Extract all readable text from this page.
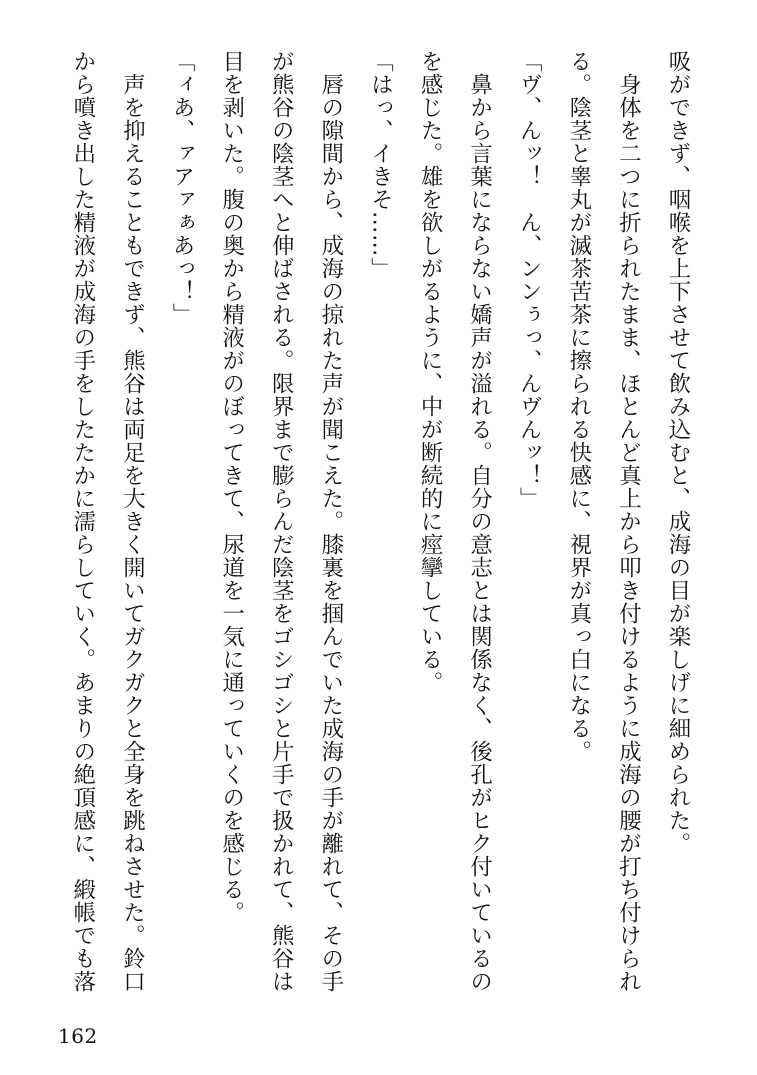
吸ができず、咽喉を上下させて飲み込むと、成海の目が楽しげに細められた。

　身体を二つに折られたまま、ほとんど真上から叩き付けるように成海の腰が打ち付けられ

る。陰茎と睾丸が滅茶苦茶に擦られる快感に、視界が真っ白になる。

「ヴ、んッ！　ん、ンンぅっ、んヴんッ！」

　鼻から言葉にならない嬌声が溢れる。自分の意志とは関係なく、後孔がヒク付いているの

を感じた。雄を欲しがるように、中が断続的に痙攣している。

「はっ、イきそ……」

　唇の隙間から、成海の掠れた声が聞こえた。膝裏を掴んでいた成海の手が離れて、その手

が熊谷の陰茎へと伸ばされる。限界まで膨らんだ陰茎をゴシゴシと片手で扱かれて、熊谷は

目を剥いた。腹の奥から精液がのぼってきて、尿道を一気に通っていくのを感じる。

「ィあ、ァアァぁあっ！」

　声を抑えることもできず、熊谷は両足を大きく開いてガクガクと全身を跳ねさせた。鈴口

から噴き出した精液が成海の手をしたたかに濡らしていく。あまりの絶頂感に、緞帳でも落

162
